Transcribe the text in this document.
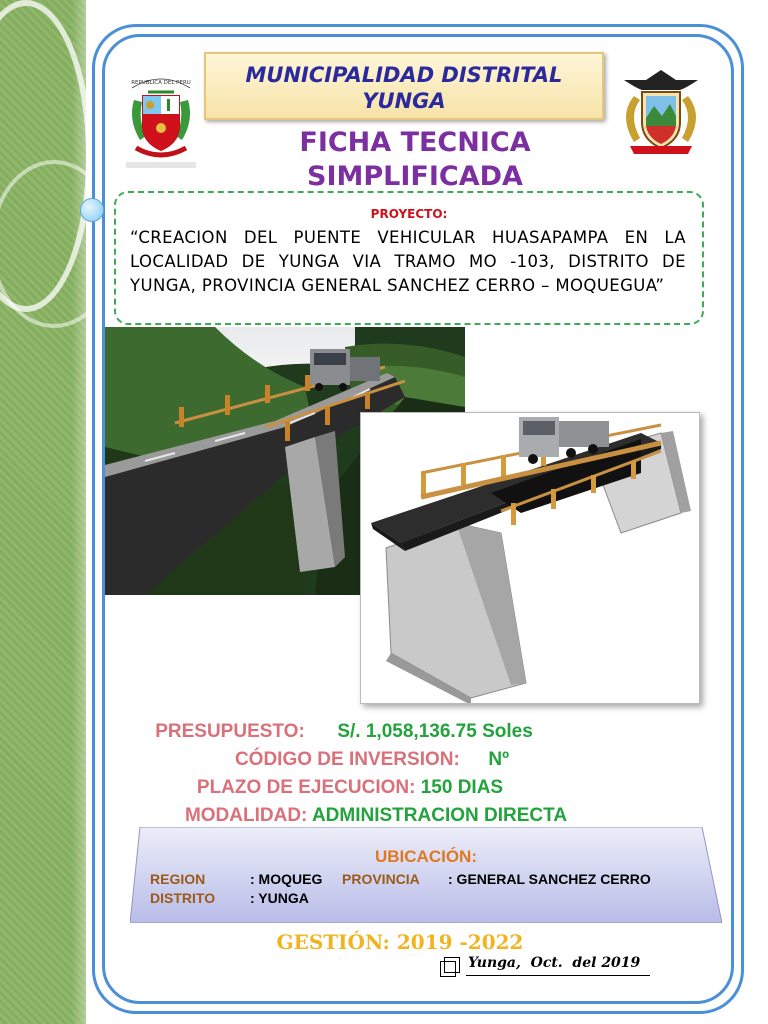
REPUBLICA DEL PERU	MUNICIPALIDAD DISTRITAL
YUNGA
FICHA TECNICA
SIMPLIFICADA
PROYECTO:
“CREACION DEL PUENTE VEHICULAR HUASAPAMPA EN LA LOCALIDAD DE YUNGA VIA TRAMO MO -103, DISTRITO DE YUNGA, PROVINCIA GENERAL SANCHEZ CERRO – MOQUEGUA”
PRESUPUESTO: S/. 1,058,136.75 Soles
CÓDIGO DE INVERSION: Nº
PLAZO DE EJECUCION: 150 DIAS
MODALIDAD: ADMINISTRACION DIRECTA
UBICACIÓN:
REGION	: MOQUEG PROVINCIA : GENERAL SANCHEZ CERRO
DISTRITO : YUNGA
GESTIÓN: 2019 -2022
Yunga,  Oct.  del 2019
